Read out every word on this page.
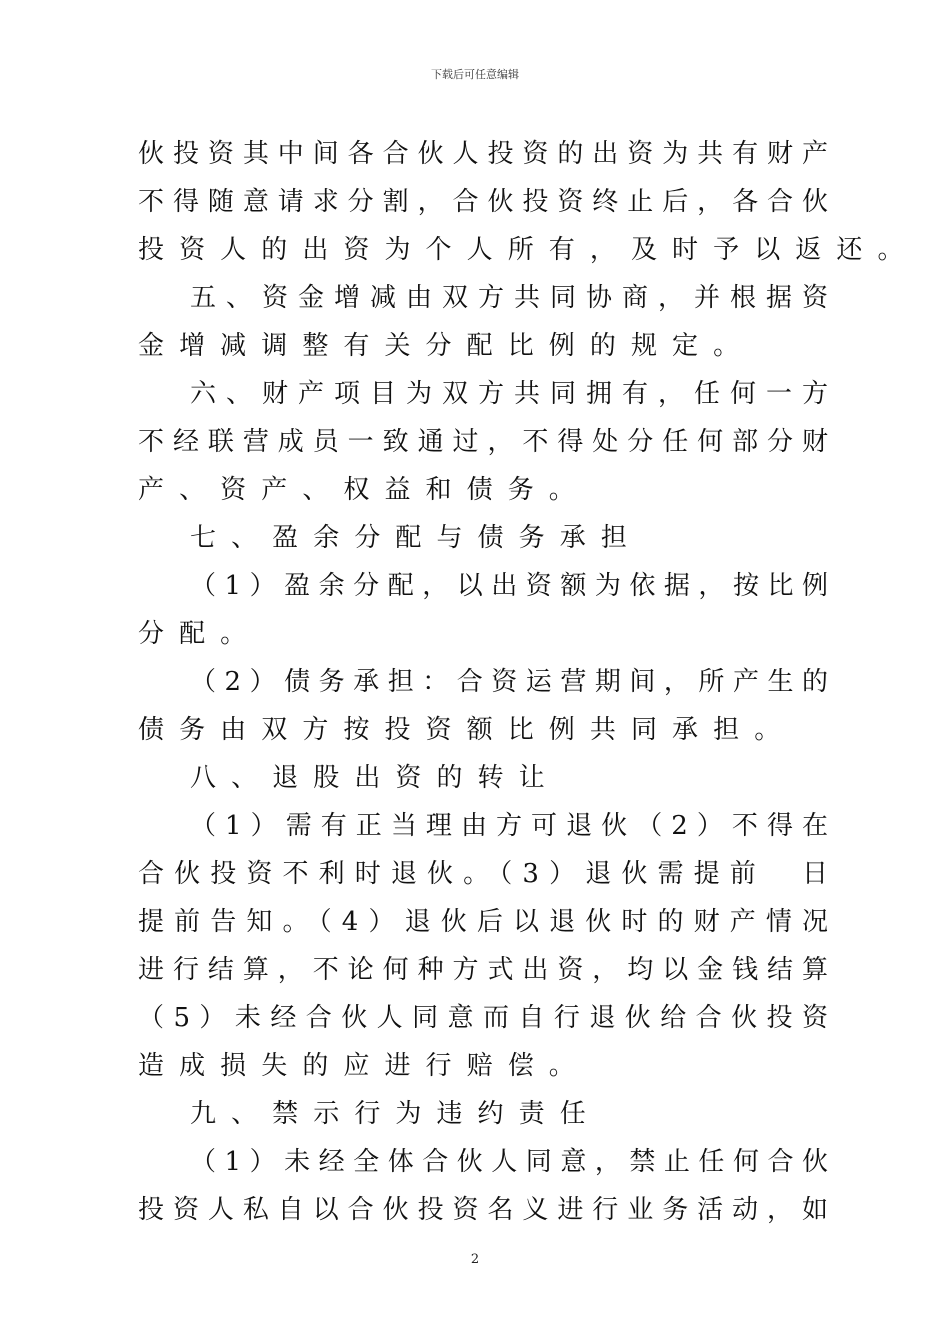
下载后可任意编辑
伙投资其中间各合伙人投资的出资为共有财产
不得随意请求分割，合伙投资终止后，各合伙
投资人的出资为个人所有，及时予以返还。
五、资金增减由双方共同协商，并根据资
金增减调整有关分配比例的规定。
六、财产项目为双方共同拥有，任何一方
不经联营成员一致通过，不得处分任何部分财
产、资产、权益和债务。
七、盈余分配与债务承担
（1）盈余分配，以出资额为依据，按比例
分配。
（2）债务承担：合资运营期间，所产生的
债务由双方按投资额比例共同承担。
八、退股出资的转让
（1）需有正当理由方可退伙（2）不得在
合伙投资不利时退伙。（3）退伙需提前　日
提前告知。（4）退伙后以退伙时的财产情况
进行结算，不论何种方式出资，均以金钱结算
（5）未经合伙人同意而自行退伙给合伙投资
造成损失的应进行赔偿。
九、禁示行为违约责任
（1）未经全体合伙人同意，禁止任何合伙
投资人私自以合伙投资名义进行业务活动，如
2
